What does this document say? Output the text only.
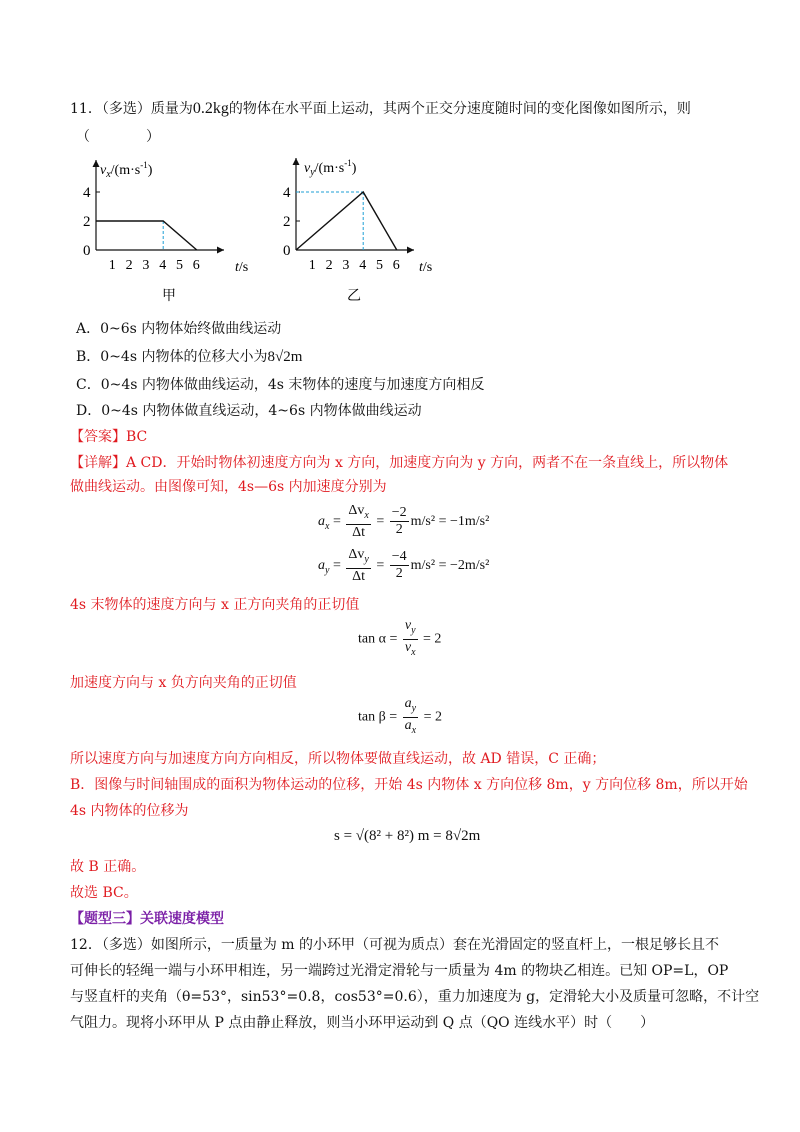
11．（多选）质量为0.2kg的物体在水平面上运动，其两个正交分速度随时间的变化图像如图所示，则
（　　　　）
$v_x/(m\cdot s^{-1})$
4
2
0
1 2 3 4 5 6	t/s
甲
$v_y/(m\cdot s^{-1})$
4
2
0
1 2 3 4 5 6 t/s
乙
A．0~6s 内物体始终做曲线运动
B．0~4s 内物体的位移大小为8√2m
C．0~4s 内物体做曲线运动，4s 末物体的速度与加速度方向相反
D．0~4s 内物体做直线运动，4~6s 内物体做曲线运动
【答案】BC
【详解】A CD．开始时物体初速度方向为 x 方向，加速度方向为 y 方向，两者不在一条直线上，所以物体
做曲线运动。由图像可知，4s—6s 内加速度分别为
$a_x = \frac{\Delta v_x}{\Delta t} = \frac{-2}{2} m/s^2 = -1m/s^2$
$a_y = \frac{\Delta v_y}{\Delta t} = \frac{-4}{2} m/s^2 = -2m/s^2$
4s 末物体的速度方向与 x 正方向夹角的正切值
$\tan \alpha = \frac{v_y}{v_x} = 2$
加速度方向与 x 负方向夹角的正切值
$\tan \beta = \frac{a_y}{a_x} = 2$
所以速度方向与加速度方向方向相反，所以物体要做直线运动，故 AD 错误，C 正确；
B．图像与时间轴围成的面积为物体运动的位移，开始 4s 内物体 x 方向位移 8m，y 方向位移 8m，所以开始
4s 内物体的位移为
s = √(8² + 8²) m = 8√2m
故 B 正确。
故选 BC。
【题型三】关联速度模型
12．（多选）如图所示，一质量为 m 的小环甲（可视为质点）套在光滑固定的竖直杆上，一根足够长且不
可伸长的轻绳一端与小环甲相连，另一端跨过光滑定滑轮与一质量为 4m 的物块乙相连。已知 OP=L，OP
与竖直杆的夹角（θ=53°，sin53°=0.8，cos53°=0.6），重力加速度为 g，定滑轮大小及质量可忽略，不计空
气阻力。现将小环甲从 P 点由静止释放，则当小环甲运动到 Q 点（QO 连线水平）时（　　）
